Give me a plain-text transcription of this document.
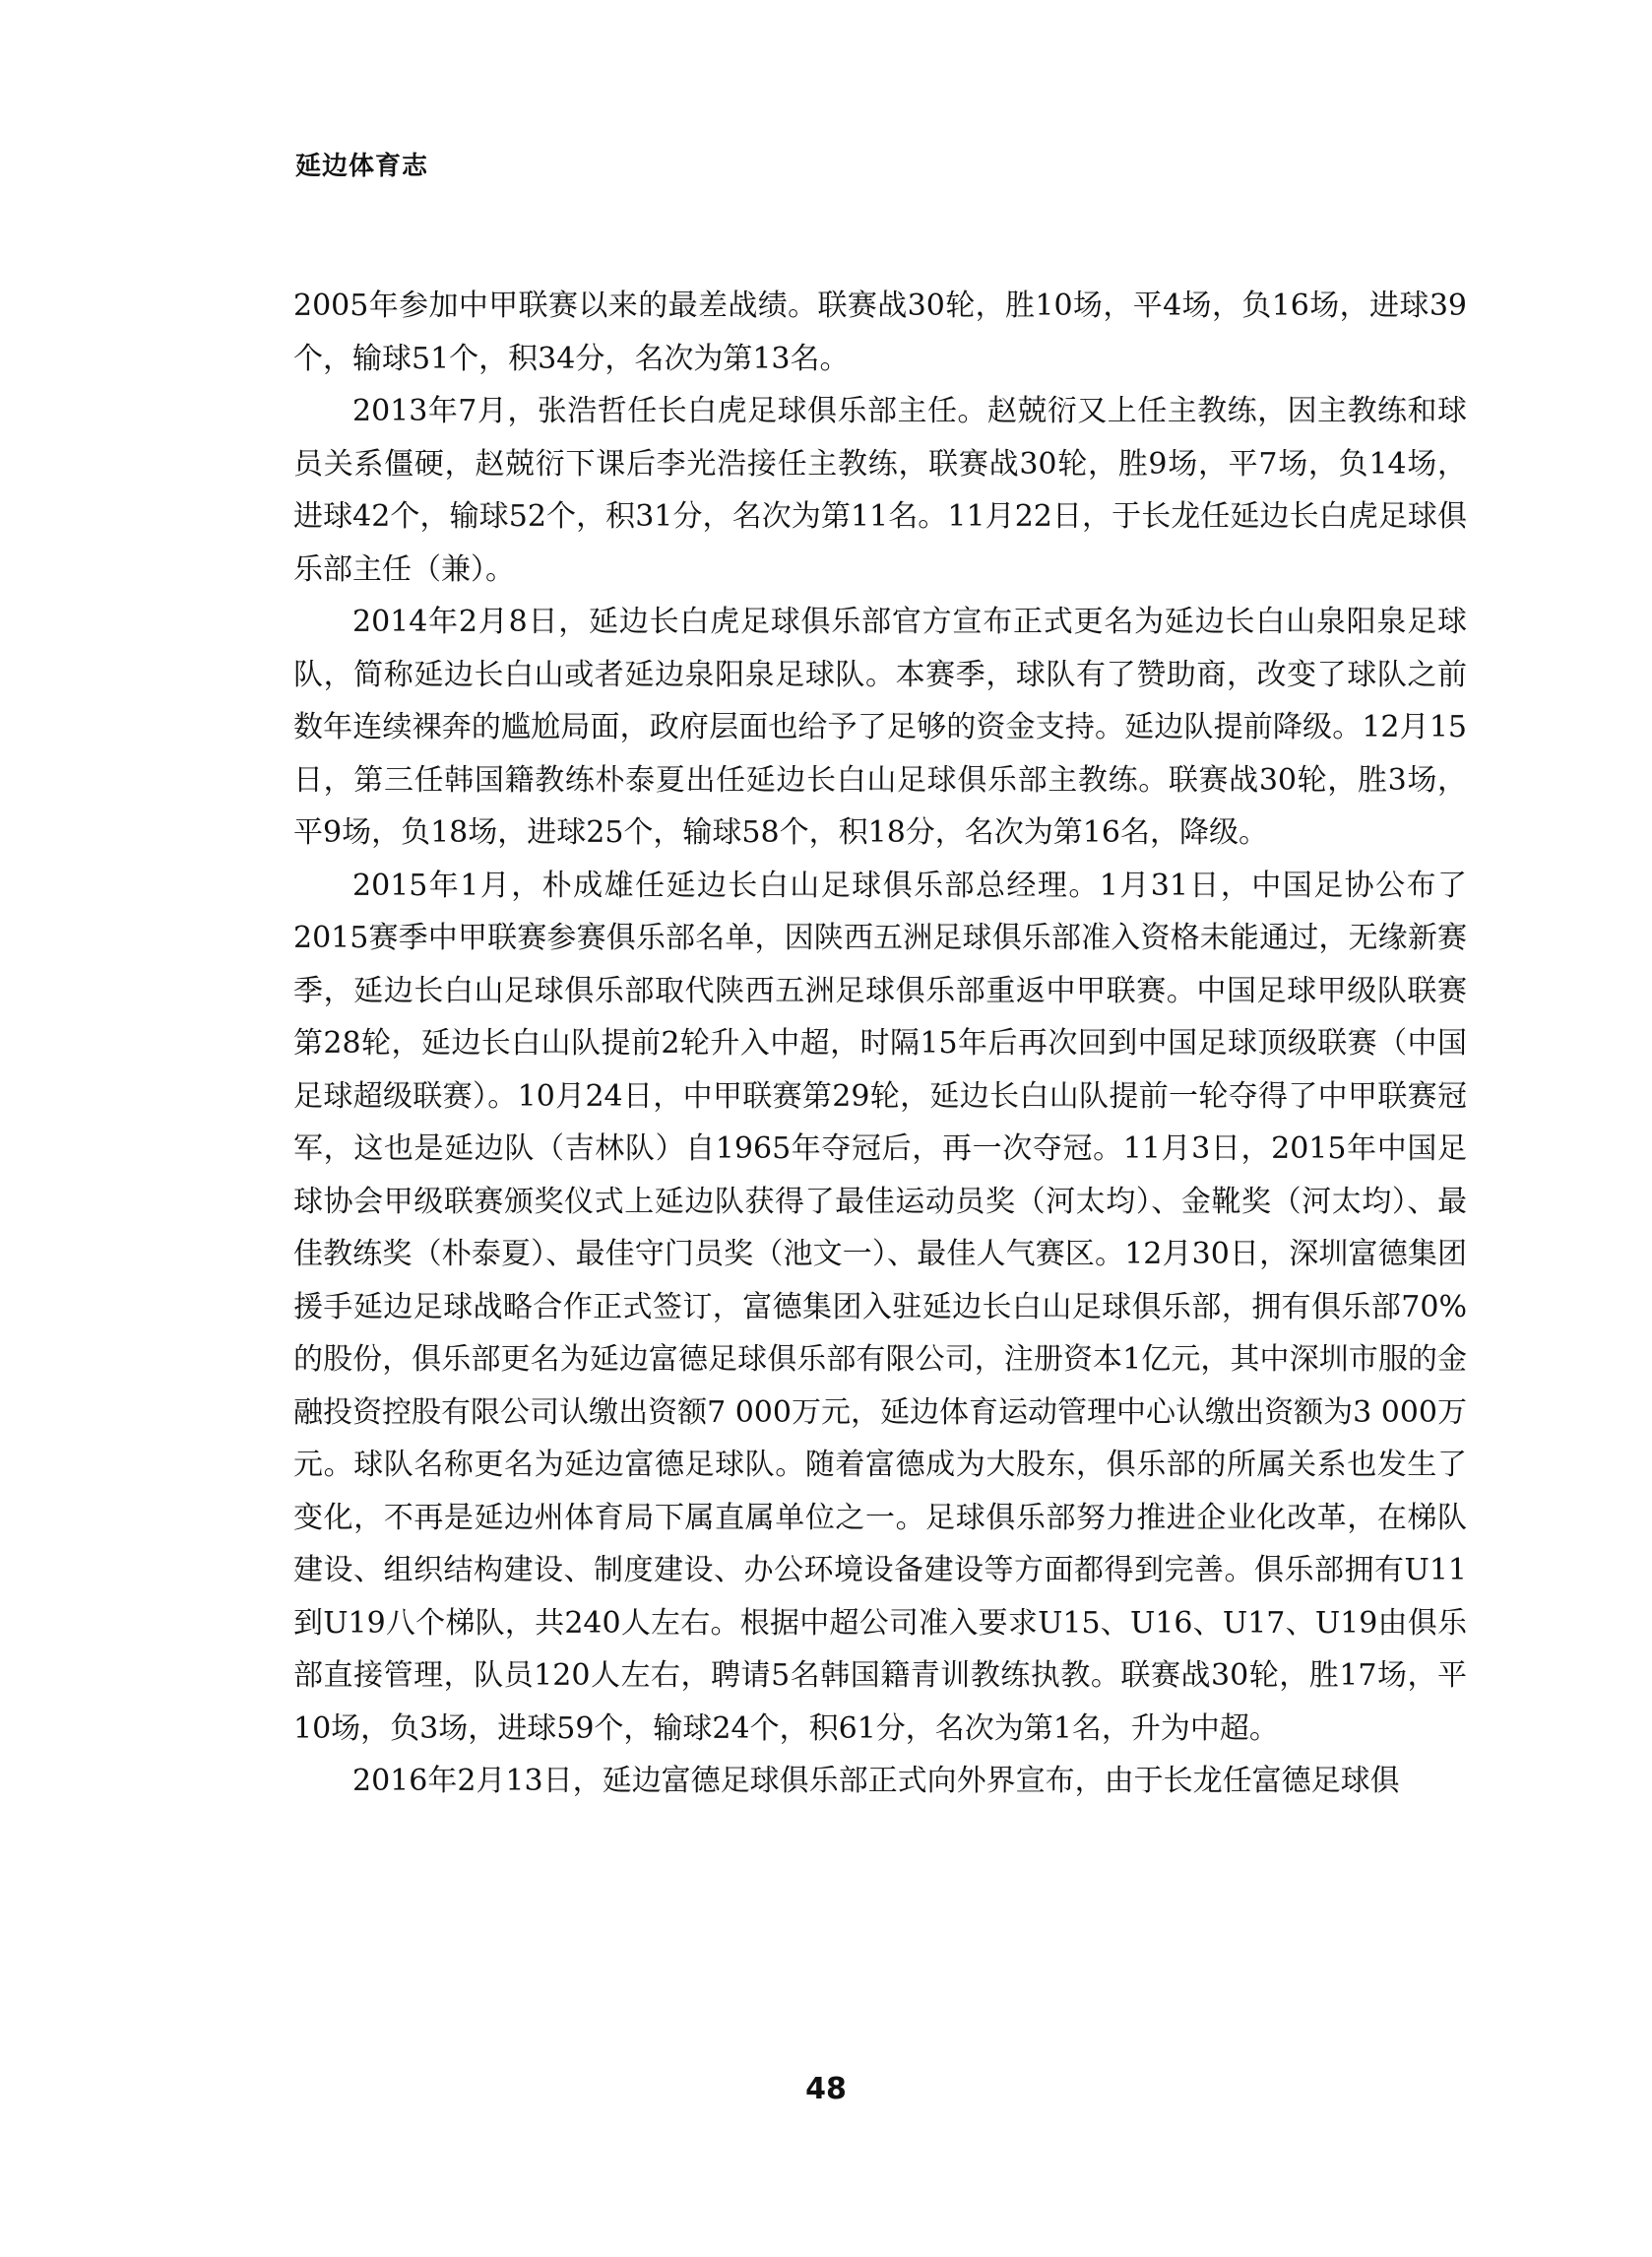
延边体育志

2005年参加中甲联赛以来的最差战绩。联赛战30轮，胜10场，平4场，负16场，进球39个，输球51个，积34分，名次为第13名。

2013年7月，张浩哲任长白虎足球俱乐部主任。赵兢衍又上任主教练，因主教练和球员关系僵硬，赵兢衍下课后李光浩接任主教练，联赛战30轮，胜9场，平7场，负14场，进球42个，输球52个，积31分，名次为第11名。11月22日，于长龙任延边长白虎足球俱乐部主任（兼）。

2014年2月8日，延边长白虎足球俱乐部官方宣布正式更名为延边长白山泉阳泉足球队，简称延边长白山或者延边泉阳泉足球队。本赛季，球队有了赞助商，改变了球队之前数年连续裸奔的尴尬局面，政府层面也给予了足够的资金支持。延边队提前降级。12月15日，第三任韩国籍教练朴泰夏出任延边长白山足球俱乐部主教练。联赛战30轮，胜3场，平9场，负18场，进球25个，输球58个，积18分，名次为第16名，降级。

2015年1月，朴成雄任延边长白山足球俱乐部总经理。1月31日，中国足协公布了2015赛季中甲联赛参赛俱乐部名单，因陕西五洲足球俱乐部准入资格未能通过，无缘新赛季，延边长白山足球俱乐部取代陕西五洲足球俱乐部重返中甲联赛。中国足球甲级队联赛第28轮，延边长白山队提前2轮升入中超，时隔15年后再次回到中国足球顶级联赛（中国足球超级联赛）。10月24日，中甲联赛第29轮，延边长白山队提前一轮夺得了中甲联赛冠军，这也是延边队（吉林队）自1965年夺冠后，再一次夺冠。11月3日，2015年中国足球协会甲级联赛颁奖仪式上延边队获得了最佳运动员奖（河太均）、金靴奖（河太均）、最佳教练奖（朴泰夏）、最佳守门员奖（池文一）、最佳人气赛区。12月30日，深圳富德集团援手延边足球战略合作正式签订，富德集团入驻延边长白山足球俱乐部，拥有俱乐部70%的股份，俱乐部更名为延边富德足球俱乐部有限公司，注册资本1亿元，其中深圳市服的金融投资控股有限公司认缴出资额7 000万元，延边体育运动管理中心认缴出资额为3 000万元。球队名称更名为延边富德足球队。随着富德成为大股东，俱乐部的所属关系也发生了变化，不再是延边州体育局下属直属单位之一。足球俱乐部努力推进企业化改革，在梯队建设、组织结构建设、制度建设、办公环境设备建设等方面都得到完善。俱乐部拥有U11到U19八个梯队，共240人左右。根据中超公司准入要求U15、U16、U17、U19由俱乐部直接管理，队员120人左右，聘请5名韩国籍青训教练执教。联赛战30轮，胜17场，平10场，负3场，进球59个，输球24个，积61分，名次为第1名，升为中超。

2016年2月13日，延边富德足球俱乐部正式向外界宣布，由于长龙任富德足球俱

48
